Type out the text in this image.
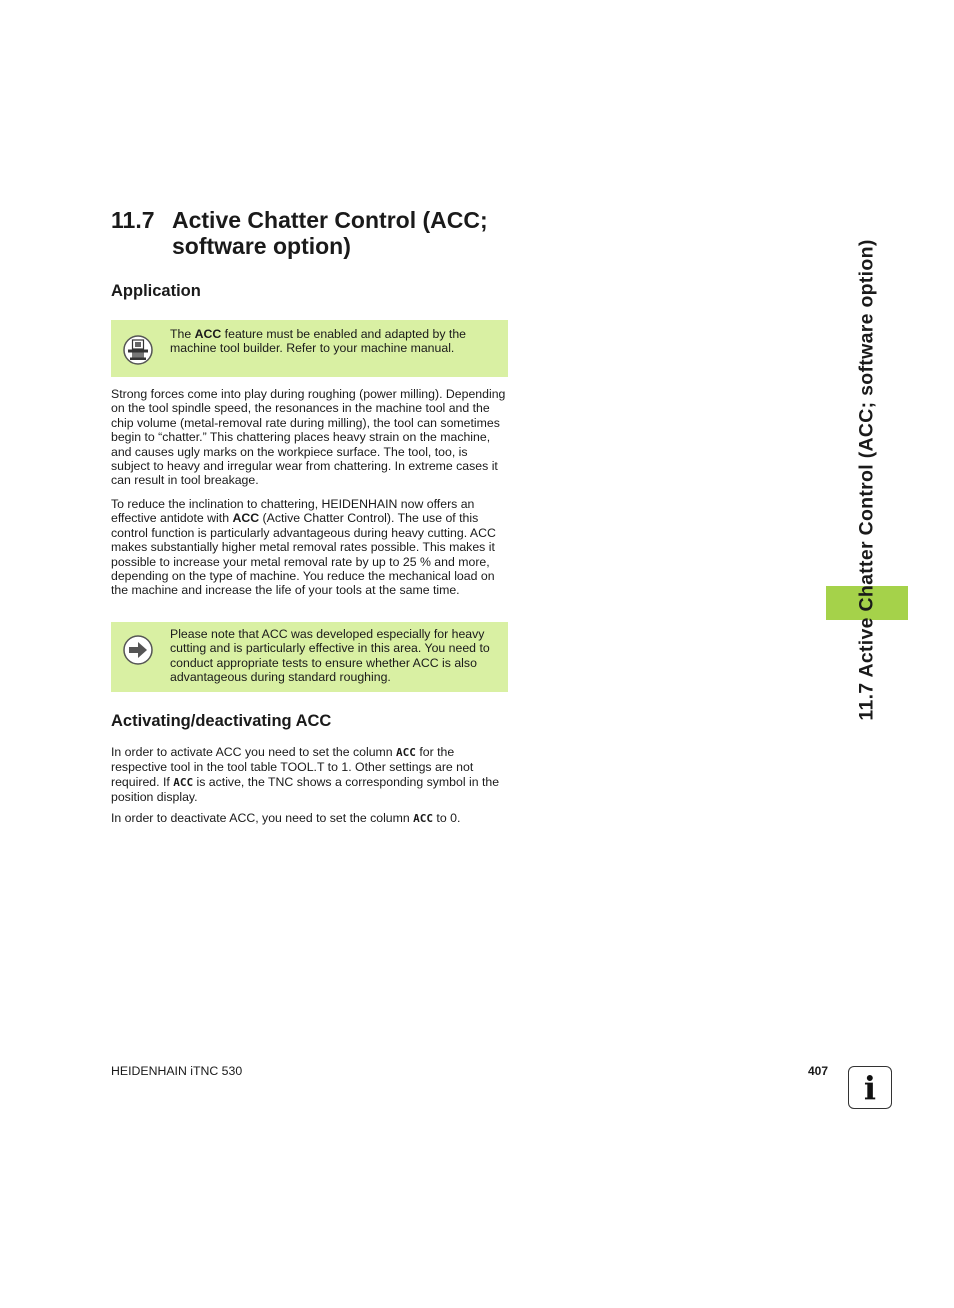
11.7 Active Chatter Control (ACC;
software option)
Application

The ACC feature must be enabled and adapted by the machine tool builder. Refer to your machine manual.

Strong forces come into play during roughing (power milling). Depending on the tool spindle speed, the resonances in the machine tool and the chip volume (metal-removal rate during milling), the tool can sometimes begin to “chatter.” This chattering places heavy strain on the machine, and causes ugly marks on the workpiece surface. The tool, too, is subject to heavy and irregular wear from chattering. In extreme cases it can result in tool breakage.

To reduce the inclination to chattering, HEIDENHAIN now offers an effective antidote with ACC (Active Chatter Control). The use of this control function is particularly advantageous during heavy cutting. ACC makes substantially higher metal removal rates possible. This makes it possible to increase your metal removal rate by up to 25 % and more, depending on the type of machine. You reduce the mechanical load on the machine and increase the life of your tools at the same time.

Please note that ACC was developed especially for heavy cutting and is particularly effective in this area. You need to conduct appropriate tests to ensure whether ACC is also advantageous during standard roughing.

Activating/deactivating ACC

In order to activate ACC you need to set the column ACC for the respective tool in the tool table TOOL.T to 1. Other settings are not required. If ACC is active, the TNC shows a corresponding symbol in the position display.

In order to deactivate ACC, you need to set the column ACC to 0.

11.7 Active Chatter Control (ACC; software option)
HEIDENHAIN iTNC 530	407 i
